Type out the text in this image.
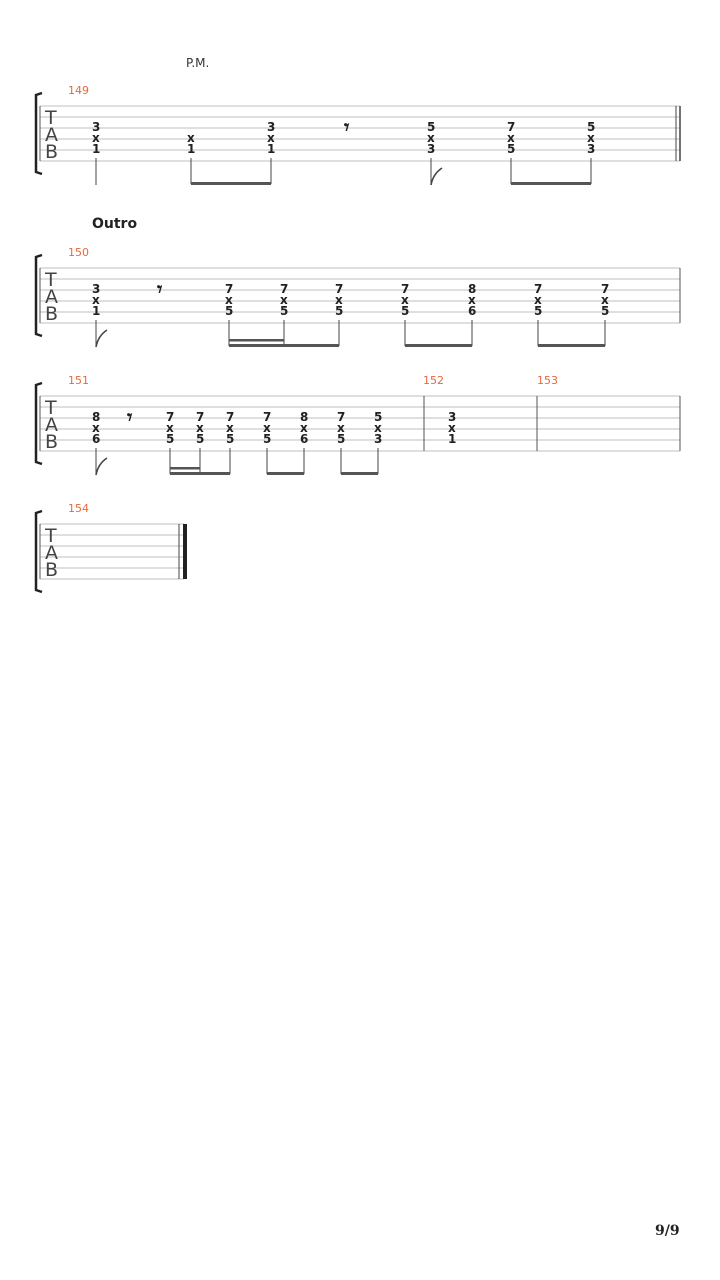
P.M.
T
A
B
149
3
x
1
x
1
3
x
1
𝄾	5
x
3
7
x
5
5
x
3
Outro
T
A
B
150
3
x
1
𝄾	7
x
5
7
x
5
7
x
5
7
x
5
8
x
6
7
x
5
7
x
5
T
A
B
151	152	153
8
x
6
𝄾	7
x
5
7
x
5
7
x
5
7
x
5
8
x
6
7
x
5
5
x
3
3
x
1
T
A
B
154
9/9
